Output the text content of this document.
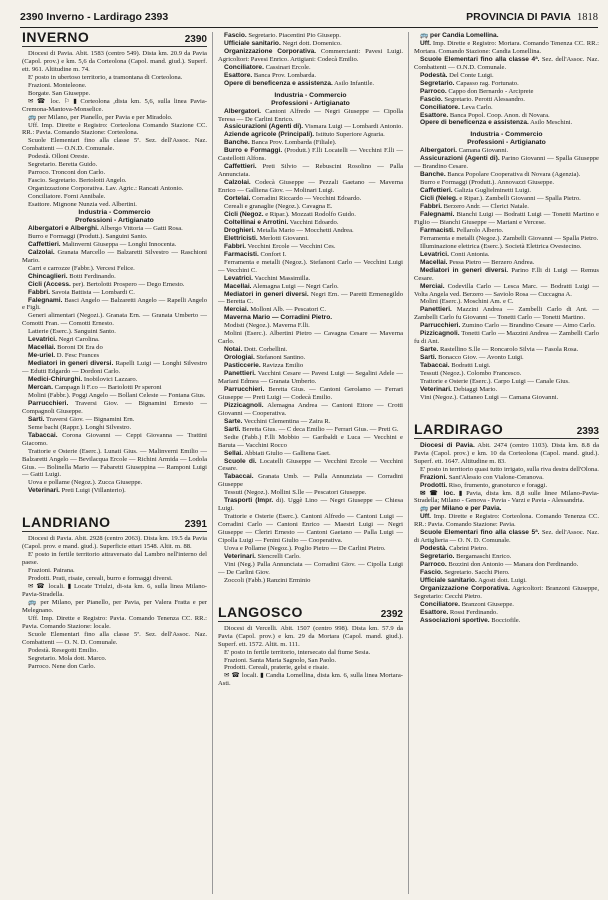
2390 Inverno - Lardirago 2393	PROVINCIA DI PAVIA 1818
INVERNO	2390
Diocesi di Pavia. Abit. 1583 (centro 549). Dista km. 20.9 da Pavia (Capol. prov.) e km. 5,6 da Corteolona (Capol. mand. giud.). Superf. ett. 961. Altitudine m. 74.
E' posto in ubertoso territorio, a tramontana di Corteolona.
Frazioni. Monteleone.
Borgate. San Giuseppe.
✉ ☎ loc. ⚐ ▮ Corteolona ,dista km. 5,6, sulla linea Pavia-Cremona-Mantova-Monselice.
🚌 per Milano, per Pianello, per Pavia e per Miradolo.
Uff. Imp. Dirette e Registro: Corteolona Comando Stazione CC. RR.: Pavia. Comando Stazione: Corteolona.
Scuole Elementari fino alla classe 5ª. Sez. dell'Assoc. Naz. Combattenti — O.N.D. Comunale.
Podestà. Olloni Oreste.
Segretario. Beretta Guido.
Parroco. Tronconi don Carlo.
Fascio. Segretario. Bertolotti Angelo.
Organizzazione Corporativa. Lav. Agric.: Rancati Antonio.
Conciliatore. Forni Annibale.
Esattore. Mignone Nunzia ved. Albertini.
Industria - Commercio
Professioni - Artigianato
Albergatori e Alberghi. Albergo Vittoria — Gatti Rosa.
Burro e Formaggi (Produtt.). Sanguini Santo.
Caffettieri. Malinverni Giuseppa — Longhi Innocenta.
Calzolai. Granata Marcello — Balzaretti Silvestro — Raschioni Mario.
Carri e carrozze (Fabbr.). Vercesi Felice.
Chincaglieri. Botti Ferdinando.
Cicli (Access. per). Bertolotti Prospero — Dego Ernesto.
Fabbri. Savoia Battista — Lombardi C.
Falegnami. Basci Angelo — Balzaretti Angelo — Rapelli Angelo e Figli.
Generi alimentari (Negozi.). Granata Ern. — Granata Umberto — Comotti Fran. — Comotti Ernesto.
Latterie (Eserc.). Sanguini Santo.
Levatrici. Negri Carolina.
Macellai. Boroni Di Era do
Me-uriel. D. Fesc Frances
Mediatori in generi diversi. Rapelli Luigi — Longhi Silvestro — Edutti Edgardo — Dordoni Carlo.
Medici-Chirurghi. Inobilovici Lazzaro.
Mercan. Campagn li F.co — Bariolotti Pr speroni
Molini (Fabbr.). Poggi Angelo — Bollani Celeste — Fontana Gius.
Parrucchieri. Traversi Giov. — Bignamini Ernesto — Compagnoli Giuseppe.
Sarti. Traversi Giov. — Bignamini Ern.
Seme bachi (Rappr.). Longhi Silvestro.
Tabaccai. Corona Giovanni — Ceppi Giovanna — Trattini Giacomo.
Trattorie e Osterie (Eserc.). Lunati Gius. — Malinverni Emilio — Balzaretti Angelo — Bevilacqua Ercole — Richini Armida — Lodola Gius. — Bolinella Mario — Fabaretti Giuseppina — Ramponi Luigi — Gatti Luigi.
Uova e pollame (Negoz.). Zucca Giuseppe.
Veterinari. Preti Luigi (Villanterio).
LANDRIANO	2391
Diocesi di Pavia. Abit. 2928 (centro 2063). Dista km. 19.5 da Pavia (Capol. prov. e mand. giud.). Superficie ettari 1548. Altit. m. 88.
E' posto in fertile territorio attraversato dal Lambro nell'interno del paese.
Frazioni. Pairana.
Prodotti. Prati, risaie, cereali, burro e formaggi diversi.
✉ ☎ locali. ▮ Locate Triulzi, di-sta km. 6, sulla linea Milano-Pavia-Stradella.
🚌 per Milano, per Pianello, per Pavia, per Valera Fratta e per Melegnano.
Uff. Imp. Dirette e Registro: Pavia. Comando Tenenza CC. RR.: Pavia. Comando Stazione: locale.
Scuole Elementari fino alla classe 5ª. Sez. dell'Assoc. Naz. Combattenti — O. N. D. Comunale.
Podestà. Resegotti Emilio.
Segretario. Mola dott. Marco.
Parroco. Nene don Carlo.
Fascio. Segretario. Piacentini Pio Giusepp.
Ufficiale sanitario. Negri dott. Domenico.
Organizzazione Corporativa. Commercianti: Pavesi Luigi. Agricoltori: Pavesi Enrico. Artigiani: Codecà Emilio.
Conciliatore. Cassinari Ercole.
Esattore. Banca Prov. Lombarda.
Opere di beneficenza e assistenza. Asilo Infantile.
Industria - Commercio
Professioni - Artigianato
Albergatori. Cantoni Alfredo — Negri Giuseppe — Cipolla Teresa — De Carlini Enrico.
Assicurazioni (Agenti di). Vismara Luigi — Lombardi Antonio.
Aziende agricole (Principali). Istituto Superiore Agraria.
Banche. Banca Prov. Lombarda (Filiale).
Burro e Formaggi. (Produtt.) F.lli Locatelli — Vecchini F.lli — Castellotti Alfons.
Caffettieri. Preti Silvio — Rebuscini Rosolino — Palla Annunciata.
Calzolai. Codecà Giuseppe — Pezzali Gaetano — Maverna Enrico — Galliena Giov. — Molinari Luigi.
Cortelai. Corradini Riccardo — Vecchini Edoardo.
Cereali e granaglie (Negoz.). Cavagna E.
Cicli (Negoz. e Ripar.). Mozzati Rodolfo Guido.
Coltellinai e Arrotini. Vacchini Edoardo.
Droghieri. Metalla Mario — Mocchetti Andrea.
Elettricisti. Merlotti Giovanni.
Fabbri. Vecchini Ercole — Vecchini Ces.
Farmacisti. Confort I.
Ferramenta e metalli (Negoz.). Stefanoni Carlo — Vecchini Luigi — Vecchini C.
Levatrici. Vacchini Massimilla.
Macellai. Alemagna Luigi — Negri Carlo.
Mediatori in generi diversi. Negri Ern. — Paretti Ermenegildo — Beretta C.
Merciai. Molloni Alb. — Pescatori C.
Maverna Mario — Corradini Pietro.
Modisti (Negoz.). Maverna F.lli.
Molini (Eserc.). Albertini Pietro — Cavagna Cesare — Maverna Carlo.
Notai. Dott. Corbellini.
Orologiai. Stefanoni Santino.
Pasticcerie. Ravizza Emilio
Panettieri. Vacchini Cesare — Pavesi Luigi — Segalini Adele — Mariani Edmea — Granata Umberto.
Parrucchieri. Beretta Gius. — Cantoni Gerolamo — Ferrari Giuseppe — Preti Luigi — Codecà Emilio.
Pizzicagnoli. Alemagna Andrea — Cantoni Ettore — Crotti Giovanni — Cooperativa.
Sarte. Vecchini Clementina — Zaira R.
Sarti. Beretta Gius. — C deca Emilio — Ferrari Gius. — Preti G.
Sedie (Fabb.) F.lli Mobbio — Garibaldi e Luca — Vecchini e Baruta — Vacchini Rocco
Sellai. Abbiati Giulio — Galliena Gaet.
Scuole di. Locatelli Giuseppe — Vecchini Ercole — Vecchini Cesare.
Tabaccai. Granata Umb. — Palla Annunziata — Corradini Giuseppe
Tessuti (Negoz.). Mollini S.lle — Pescatori Giuseppe.
Trasporti (Impr. di). Uggè Lino — Negri Giuseppe — Chiesa Luigi.
Trattorie e Osterie (Eserc.). Cantoni Alfredo — Cantoni Luigi — Corradini Carlo — Cantoni Enrico — Maestri Luigi — Negri Giuseppe — Cleriri Ernesto — Cantoni Gaetano — Palla Luigi — Cipolla Luigi — Fenini Giulio — Cooperativa.
Uova e Pollame (Negoz.). Poglio Pietro — De Carlini Pietro.
Veterinari. Siencrelli Carlo.
Vini (Neg.) Palla Annunciata — Corradini Giov. — Cipolla Luigi — De Carlini Giov.
Zoccoli (Fabb.) Ranzini Erminio
LANGOSCO	2392
Diocesi di Vercelli. Abit. 1507 (centro 998). Dista km. 57.9 da Pavia (Capol. prov.) e km. 29 da Mortara (Capol. mand. giud.). Superf. ett. 1572. Altit. m. 111.
E' posto in fertile territorio, intersecato dal fiume Sesia.
Frazioni. Santa Maria Sagnolo, San Paolo.
Prodotti. Cereali, praterie, gelsi e risaie.
✉ ☎ locali. ▮ Candia Lomellina, dista km. 6, sulla linea Mortara-Asti.
🚌 per Candia Lomellina.
Uff. Imp. Dirette e Registro: Mortara. Comando Tenenza CC. RR.: Mortara. Comando Stazione: Candia Lomellina.
Scuole Elementari fino alla classe 4ª. Sez. dell'Assoc. Naz. Combattenti — O.N.D. Comunale.
Podestà. Del Conte Luigi.
Segretario. Capasso rag. Fortunato.
Parroco. Cappo don Bernardo - Arciprete
Fascio. Segretario. Perotti Alessandro.
Conciliatore. Leva Carlo.
Esattore. Banca Popol. Coop. Anon. di Novara.
Opere di beneficenza e assistenza. Asilo Meschini.
Industria - Commercio
Professioni - Artigianato
Albergatori. Camana Giovanni.
Assicurazioni (Agenti di). Parino Giovanni — Spalla Giuseppe — Brandino Cesare.
Banche. Banca Popolare Cooperativa di Novara (Agenzia).
Burro e Formaggi (Produtt.). Annovazzi Giuseppe.
Caffettieri. Galizia Guglielminetti Luigi.
Cicli (Neleg. e Ripar.). Zambelli Giovanni — Spalla Pietro.
Fabbri. Berzero Andr. — Clerici Natale.
Falegnami. Bianchi Luigi — Bodratti Luigi — Tonetti Martino e Figlio — Bianchi Giuseppe — Mariani e Vercese.
Farmacisti. Pellarolo Alberto.
Ferramenta e metalli (Negoz.). Zambelli Giovanni — Spalla Pietro.
Illuminazione elettrica (Eserc.). Società Elettrica Ovestecino.
Levatrici. Conti Antonia.
Macellai. Pessa Pietro — Berzero Andrea.
Mediatori in generi diversi. Parino F.lli di Luigi — Remus Cesare.
Merciai. Codevilla Carlo — Lesca Marc. — Bodratti Luigi — Volta Angela ved. Berzero — Saviolo Rosa — Cuccagna A.
Molini (Eserc.). Moschini Am. e C.
Panettieri. Mazzini Andrea — Zambelli Carlo di Ant. — Zambelli Carlo fu Giovanni — Tonetti Carlo — Tonetti Martino.
Parrucchieri. Zumino Carlo — Brandino Cesare — Aimo Carlo.
Pizzicagnoli. Tonetti Carlo — Mazzini Andrea — Zambelli Carlo fu di Ant.
Sarte. Rastellino S.lle — Roncarolo Silvia — Fasola Rosa.
Sarti. Bonacco Giov. — Avonto Luigi.
Tabaccai. Bodratti Luigi.
Tessuti (Negoz.). Colombo Francesco.
Trattorie e Osterie (Eserc.). Carpo Luigi — Canale Gius.
Veterinari. Debiaggi Mario.
Vini (Negoz.). Cattaneo Luigi — Camana Giovanni.
LARDIRAGO	2393
Diocesi di Pavia. Abit. 2474 (centro 1103). Dista km. 8.8 da Pavia (Capol. prov.) e km. 10 da Corteolona (Capol. mand. giud.). Superf. ett. 1647. Altitudine m. 83.
E' posto in territorio quasi tutto irrigato, sulla riva destra dell'Olona.
Frazioni. Sant'Alessio con Vialone-Ceranova.
Prodotti. Riso, frumento, granoturco e foraggi.
✉ ☎ loc. ▮ Pavia, dista km. 8,8 sulle linee Milano-Pavia-Stradella; Milano - Genova - Pavia - Varzi e Pavia - Alessandria.
🚌 per Milano e per Pavia.
Uff. Imp. Dirette e Registro: Corteolona. Comando Tenenza CC. RR.: Pavia. Comando Stazione: Pavia.
Scuole Elementari fino alla classe 5ª. Sez. dell'Assoc. Naz. di Artiglieria — O. N. D. Comunale.
Podestà. Cabrini Pietro.
Segretario. Bergamaschi Enrico.
Parroco. Bozzini don Antonio — Manara don Ferdinando.
Fascio. Segretario. Sacchi Piero.
Ufficiale sanitario. Agosti dott. Luigi.
Organizzazione Corporativa. Agricoltori: Branzoni Giuseppe, Segretario: Cecchi Pietro.
Conciliatore. Branzoni Giuseppe.
Esattore. Rossi Ferdinando.
Associazioni sportive. Bocciofile.
